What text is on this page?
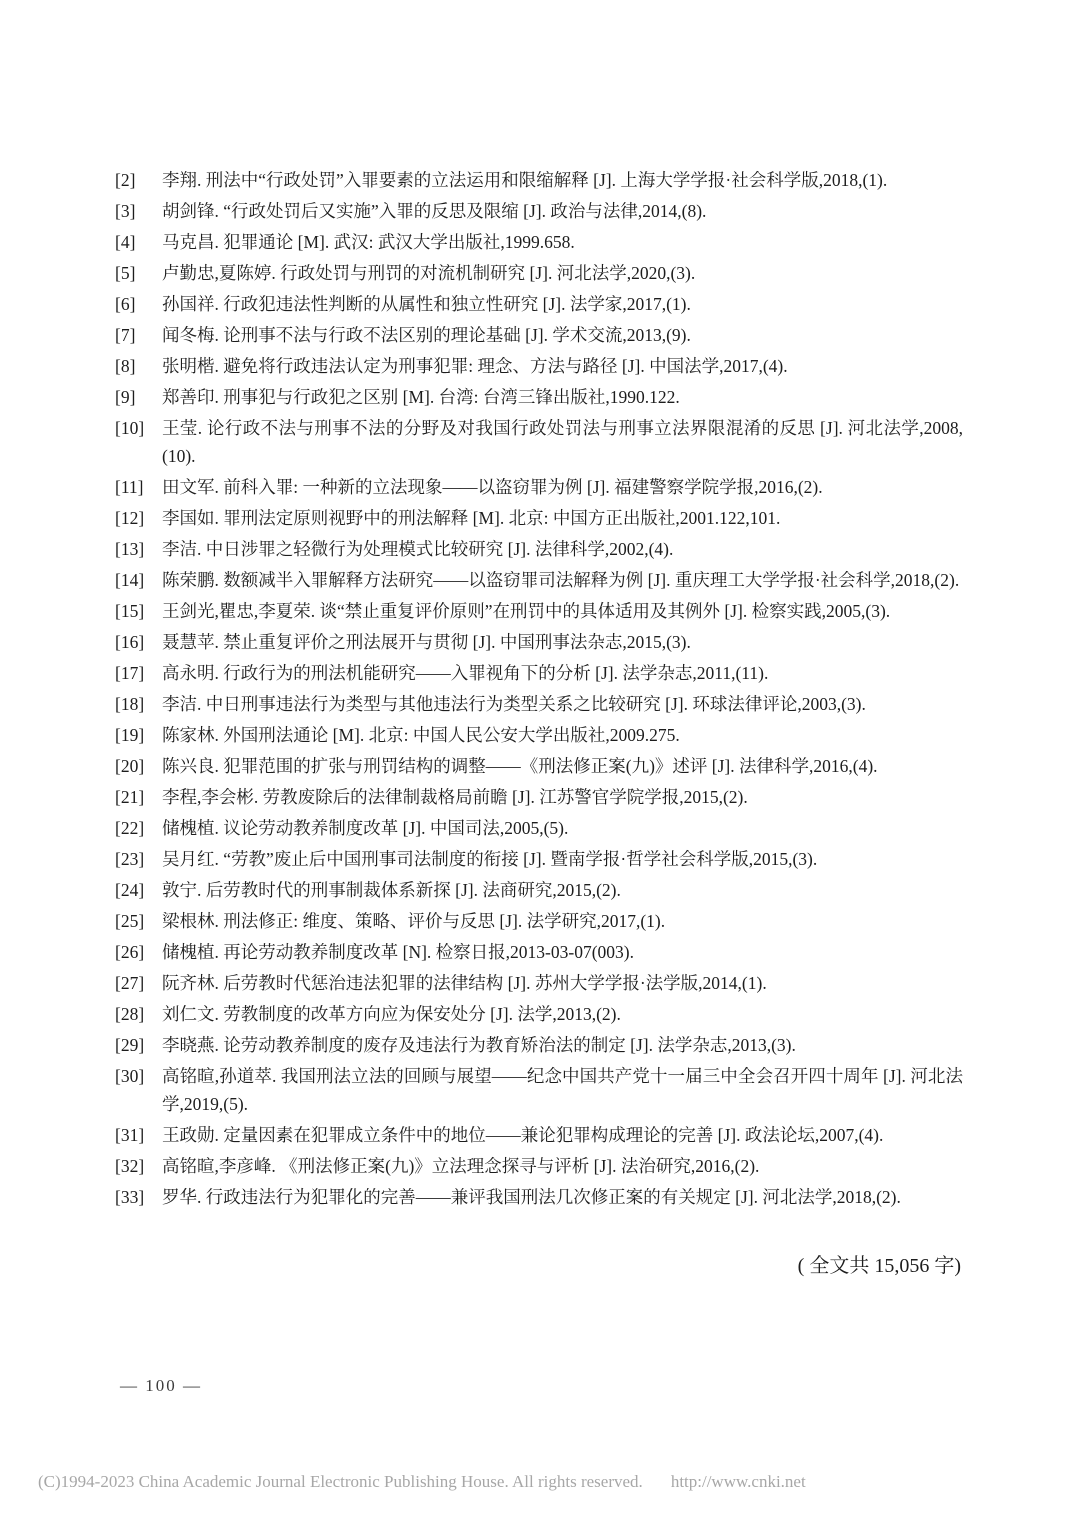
[2]	李翔. 刑法中“行政处罚”入罪要素的立法运用和限缩解释 [J]. 上海大学学报·社会科学版,2018,(1).
[3]	胡剑锋. “行政处罚后又实施”入罪的反思及限缩 [J]. 政治与法律,2014,(8).
[4]	马克昌. 犯罪通论 [M]. 武汉: 武汉大学出版社,1999.658.
[5]	卢勤忠,夏陈婷. 行政处罚与刑罚的对流机制研究 [J]. 河北法学,2020,(3).
[6]	孙国祥. 行政犯违法性判断的从属性和独立性研究 [J]. 法学家,2017,(1).
[7]	闻冬梅. 论刑事不法与行政不法区别的理论基础 [J]. 学术交流,2013,(9).
[8]	张明楷. 避免将行政违法认定为刑事犯罪: 理念、方法与路径 [J]. 中国法学,2017,(4).
[9]	郑善印. 刑事犯与行政犯之区别 [M]. 台湾: 台湾三锋出版社,1990.122.
[10]	王莹. 论行政不法与刑事不法的分野及对我国行政处罚法与刑事立法界限混淆的反思 [J]. 河北法学,2008,(10).
[11]	田文军. 前科入罪: 一种新的立法现象——以盗窃罪为例 [J]. 福建警察学院学报,2016,(2).
[12]	李国如. 罪刑法定原则视野中的刑法解释 [M]. 北京: 中国方正出版社,2001.122,101.
[13]	李洁. 中日涉罪之轻微行为处理模式比较研究 [J]. 法律科学,2002,(4).
[14]	陈荣鹏. 数额减半入罪解释方法研究——以盗窃罪司法解释为例 [J]. 重庆理工大学学报·社会科学,2018,(2).
[15]	王剑光,瞿忠,李夏荣. 谈“禁止重复评价原则”在刑罚中的具体适用及其例外 [J]. 检察实践,2005,(3).
[16]	聂慧苹. 禁止重复评价之刑法展开与贯彻 [J]. 中国刑事法杂志,2015,(3).
[17]	高永明. 行政行为的刑法机能研究——入罪视角下的分析 [J]. 法学杂志,2011,(11).
[18]	李洁. 中日刑事违法行为类型与其他违法行为类型关系之比较研究 [J]. 环球法律评论,2003,(3).
[19]	陈家林. 外国刑法通论 [M]. 北京: 中国人民公安大学出版社,2009.275.
[20]	陈兴良. 犯罪范围的扩张与刑罚结构的调整——《刑法修正案(九)》述评 [J]. 法律科学,2016,(4).
[21]	李程,李会彬. 劳教废除后的法律制裁格局前瞻 [J]. 江苏警官学院学报,2015,(2).
[22]	储槐植. 议论劳动教养制度改革 [J]. 中国司法,2005,(5).
[23]	吴月红. “劳教”废止后中国刑事司法制度的衔接 [J]. 暨南学报·哲学社会科学版,2015,(3).
[24]	敦宁. 后劳教时代的刑事制裁体系新探 [J]. 法商研究,2015,(2).
[25]	梁根林. 刑法修正: 维度、策略、评价与反思 [J]. 法学研究,2017,(1).
[26]	储槐植. 再论劳动教养制度改革 [N]. 检察日报,2013-03-07(003).
[27]	阮齐林. 后劳教时代惩治违法犯罪的法律结构 [J]. 苏州大学学报·法学版,2014,(1).
[28]	刘仁文. 劳教制度的改革方向应为保安处分 [J]. 法学,2013,(2).
[29]	李晓燕. 论劳动教养制度的废存及违法行为教育矫治法的制定 [J]. 法学杂志,2013,(3).
[30]	高铭暄,孙道萃. 我国刑法立法的回顾与展望——纪念中国共产党十一届三中全会召开四十周年 [J]. 河北法学,2019,(5).
[31]	王政勋. 定量因素在犯罪成立条件中的地位——兼论犯罪构成理论的完善 [J]. 政法论坛,2007,(4).
[32]	高铭暄,李彦峰. 《刑法修正案(九)》立法理念探寻与评析 [J]. 法治研究,2016,(2).
[33]	罗华. 行政违法行为犯罪化的完善——兼评我国刑法几次修正案的有关规定 [J]. 河北法学,2018,(2).
( 全文共 15,056 字)
— 100 —
(C)1994-2023 China Academic Journal Electronic Publishing House. All rights reserved. http://www.cnki.net
